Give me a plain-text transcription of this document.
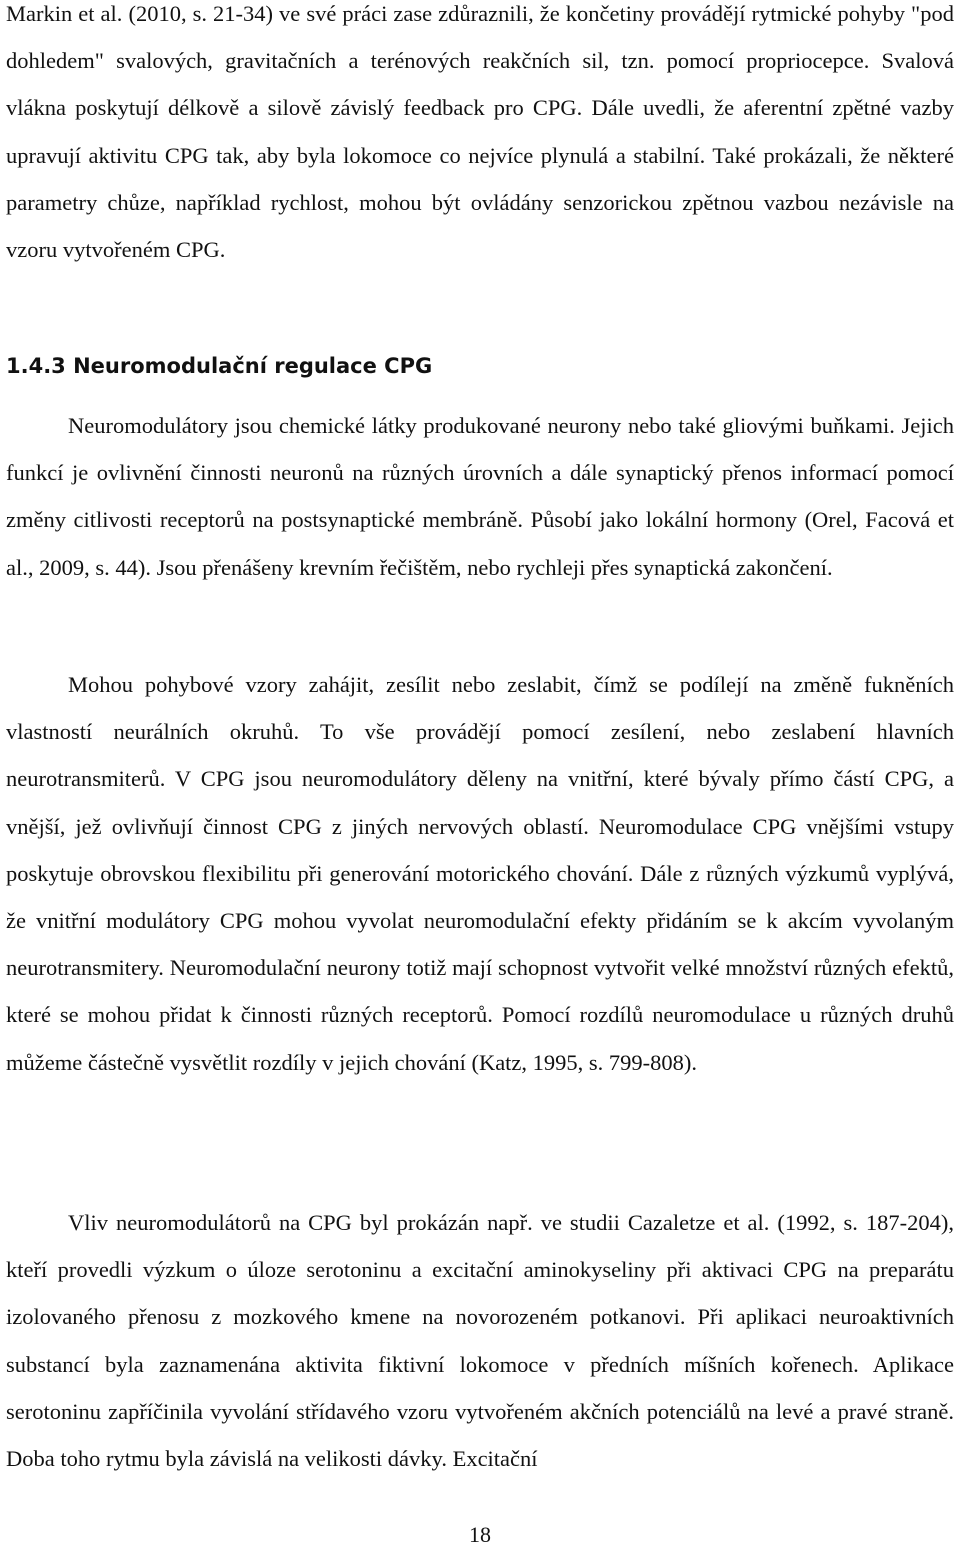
Markin et al. (2010, s. 21-34) ve své práci zase zdůraznili, že končetiny provádějí rytmické pohyby "pod dohledem" svalových, gravitačních a terénových reakčních sil, tzn. pomocí propriocepce. Svalová vlákna poskytují délkově a silově závislý feedback pro CPG. Dále uvedli, že aferentní zpětné vazby upravují aktivitu CPG tak, aby byla lokomoce co nejvíce plynulá a stabilní. Také prokázali, že některé parametry chůze, například rychlost, mohou být ovládány senzorickou zpětnou vazbou nezávisle na vzoru vytvořeném CPG.

1.4.3 Neuromodulační regulace CPG

Neuromodulátory jsou chemické látky produkované neurony nebo také gliovými buňkami. Jejich funkcí je ovlivnění činnosti neuronů na různých úrovních a dále synaptický přenos informací pomocí změny citlivosti receptorů na postsynaptické membráně. Působí jako lokální hormony (Orel, Facová et al., 2009, s. 44). Jsou přenášeny krevním řečištěm, nebo rychleji přes synaptická zakončení.

Mohou pohybové vzory zahájit, zesílit nebo zeslabit, čímž se podílejí na změně fukněních vlastností neurálních okruhů. To vše provádějí pomocí zesílení, nebo zeslabení hlavních neurotransmiterů. V CPG jsou neuromodulátory děleny na vnitřní, které bývaly přímo částí CPG, a vnější, jež ovlivňují činnost CPG z jiných nervových oblastí. Neuromodulace CPG vnějšími vstupy poskytuje obrovskou flexibilitu při generování motorického chování. Dále z různých výzkumů vyplývá, že vnitřní modulátory CPG mohou vyvolat neuromodulační efekty přidáním se k akcím vyvolaným neurotransmitery. Neuromodulační neurony totiž mají schopnost vytvořit velké množství různých efektů, které se mohou přidat k činnosti různých receptorů. Pomocí rozdílů neuromodulace u různých druhů můžeme částečně vysvětlit rozdíly v jejich chování (Katz, 1995, s. 799-808).

Vliv neuromodulátorů na CPG byl prokázán např. ve studii Cazaletze et al. (1992, s. 187-204), kteří provedli výzkum o úloze serotoninu a excitační aminokyseliny při aktivaci CPG na preparátu izolovaného přenosu z mozkového kmene na novorozeném potkanovi. Při aplikaci neuroaktivních substancí byla zaznamenána aktivita fiktivní lokomoce v předních míšních kořenech. Aplikace serotoninu zapříčinila vyvolání střídavého vzoru vytvořeném akčních potenciálů na levé a pravé straně. Doba toho rytmu byla závislá na velikosti dávky. Excitační

18
